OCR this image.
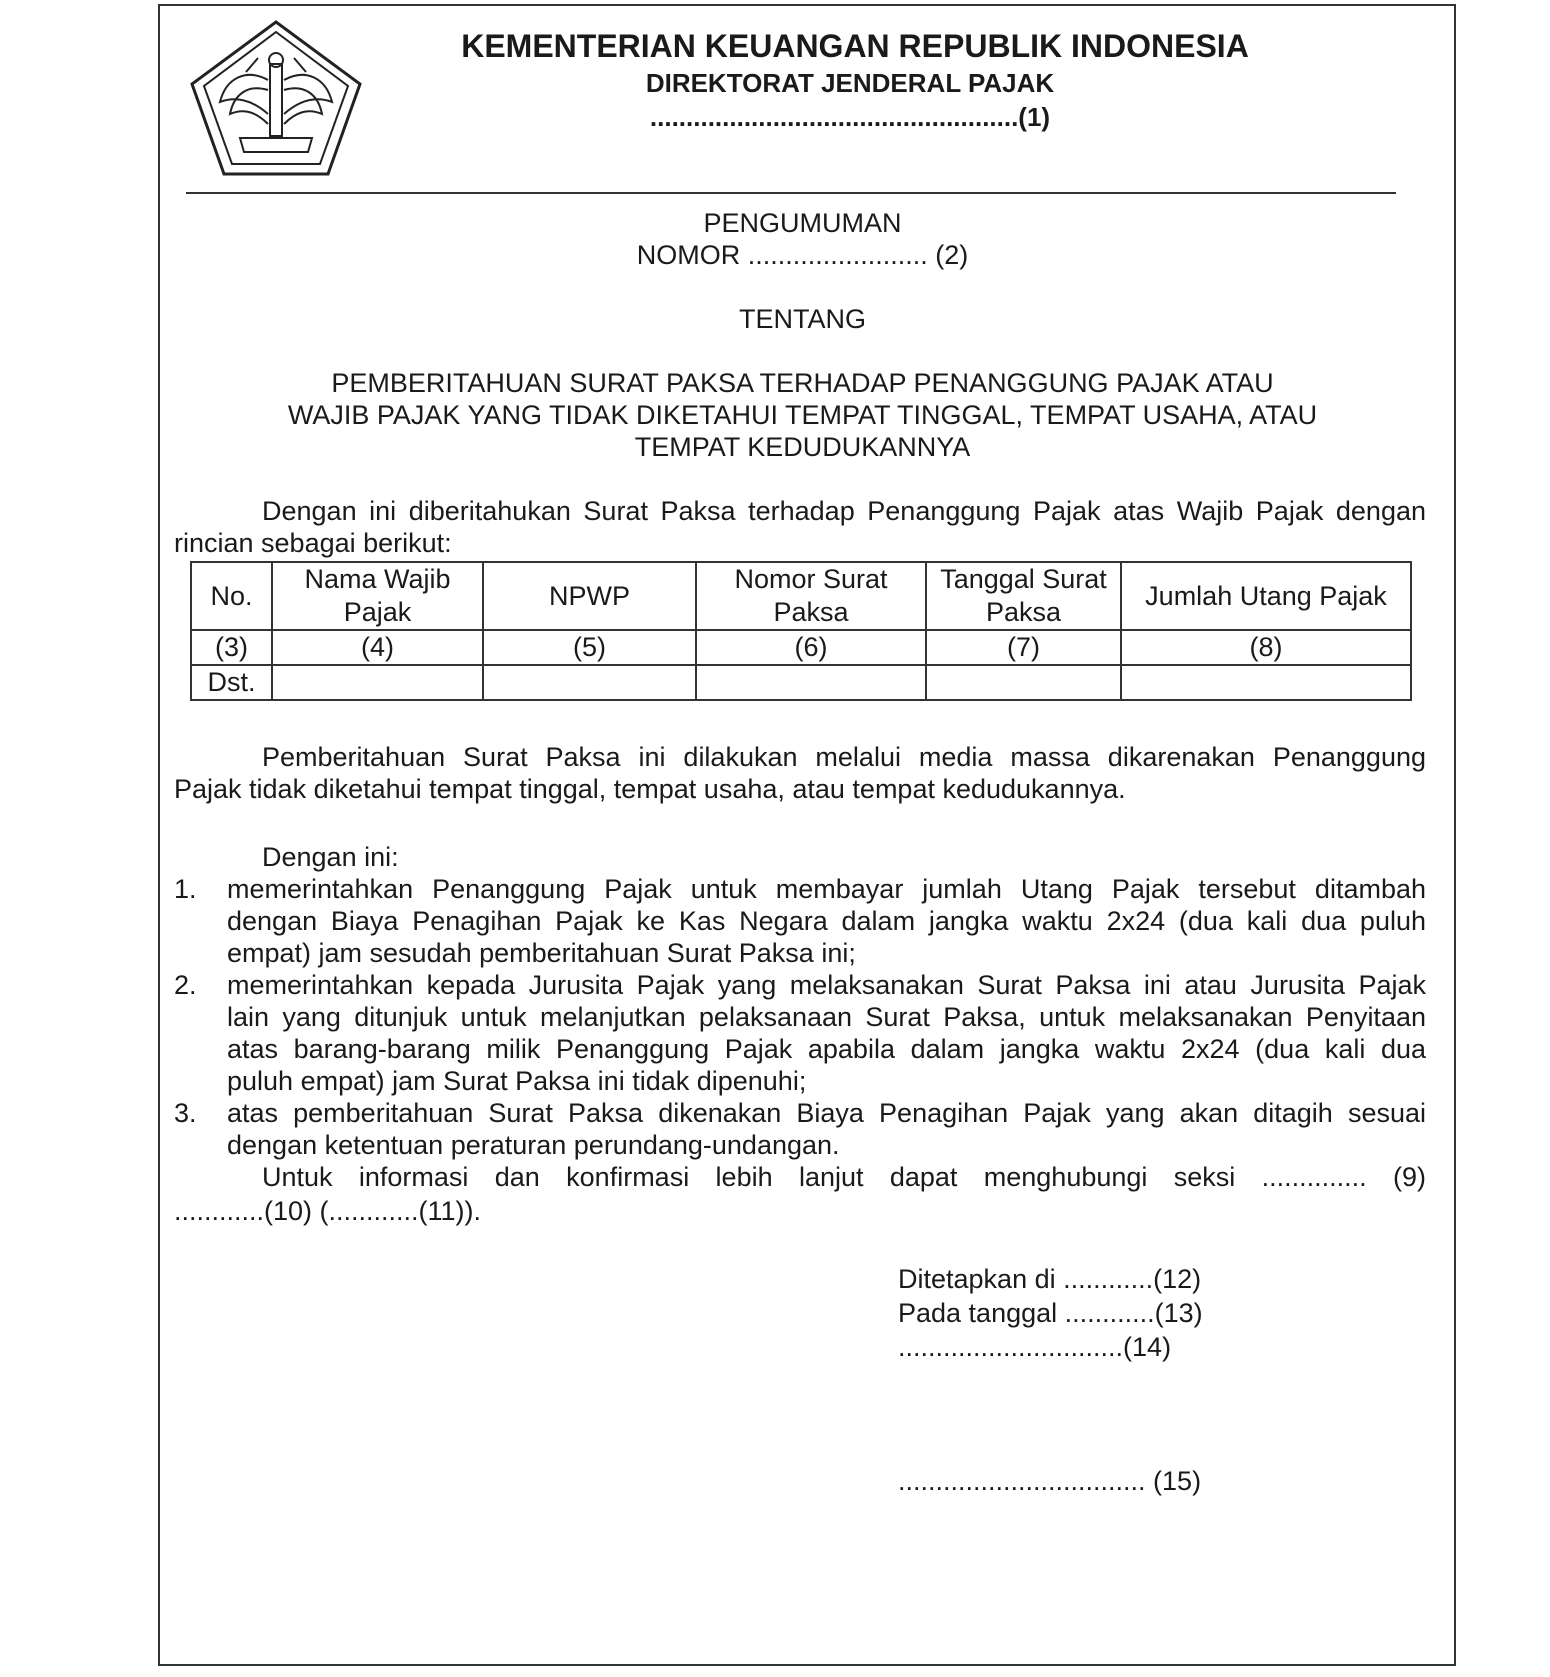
KEMENTERIAN KEUANGAN REPUBLIK INDONESIA
DIREKTORAT JENDERAL PAJAK
...................................................(1)
PENGUMUMAN
NOMOR ........................ (2)
TENTANG
PEMBERITAHUAN SURAT PAKSA TERHADAP PENANGGUNG PAJAK ATAU
WAJIB PAJAK YANG TIDAK DIKETAHUI TEMPAT TINGGAL, TEMPAT USAHA, ATAU
TEMPAT KEDUDUKANNYA
Dengan ini diberitahukan Surat Paksa terhadap Penanggung Pajak atas Wajib Pajak dengan
rincian sebagai berikut:
No.	Nama Wajib Pajak	NPWP	Nomor Surat Paksa	Tanggal Surat Paksa	Jumlah Utang Pajak
(3)	(4)	(5)	(6)	(7)	(8)
Dst.					
Pemberitahuan Surat Paksa ini dilakukan melalui media massa dikarenakan Penanggung
Pajak tidak diketahui tempat tinggal, tempat usaha, atau tempat kedudukannya.
Dengan ini:
1. memerintahkan Penanggung Pajak untuk membayar jumlah Utang Pajak tersebut ditambah
dengan Biaya Penagihan Pajak ke Kas Negara dalam jangka waktu 2x24 (dua kali dua puluh
empat) jam sesudah pemberitahuan Surat Paksa ini;
2. memerintahkan kepada Jurusita Pajak yang melaksanakan Surat Paksa ini atau Jurusita Pajak
lain yang ditunjuk untuk melanjutkan pelaksanaan Surat Paksa, untuk melaksanakan Penyitaan
atas barang-barang milik Penanggung Pajak apabila dalam jangka waktu 2x24 (dua kali dua
puluh empat) jam Surat Paksa ini tidak dipenuhi;
3. atas pemberitahuan Surat Paksa dikenakan Biaya Penagihan Pajak yang akan ditagih sesuai
dengan ketentuan peraturan perundang-undangan.
Untuk informasi dan konfirmasi lebih lanjut dapat menghubungi seksi .............. (9)
............(10) (............(11)).
Ditetapkan di ............(12)
Pada tanggal ............(13)
..............................(14)
................................. (15)
